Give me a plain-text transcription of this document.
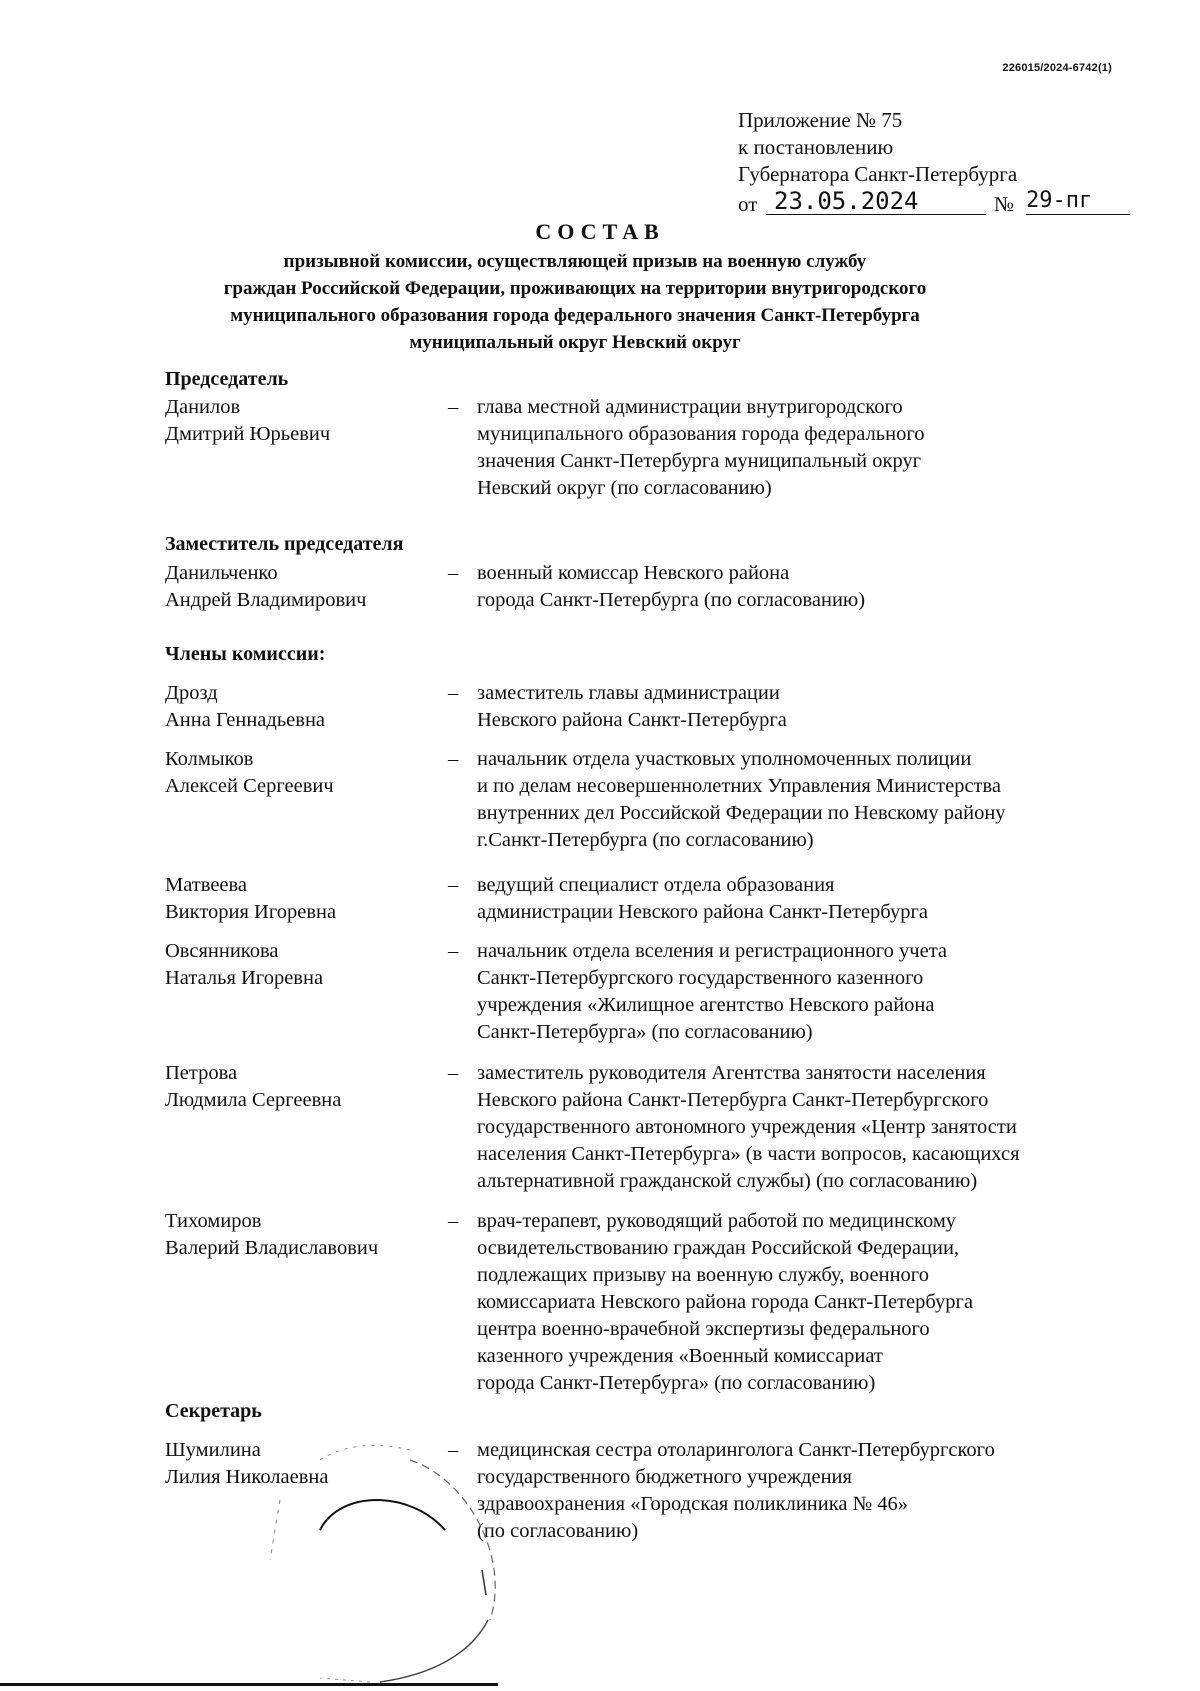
226015/2024-6742(1)
Приложение № 75
к постановлению
Губернатора Санкт-Петербурга
от 23.05.2024	№ 29-пг
СОСТАВ
призывной комиссии, осуществляющей призыв на военную службу
граждан Российской Федерации, проживающих на территории внутригородского
муниципального образования города федерального значения Санкт-Петербурга
муниципальный округ Невский округ
Председатель
Данилов
Дмитрий Юрьевич
– глава местной администрации внутригородского
муниципального образования города федерального
значения Санкт-Петербурга муниципальный округ
Невский округ (по согласованию)
Заместитель председателя
Данильченко
Андрей Владимирович
– военный комиссар Невского района
города Санкт-Петербурга (по согласованию)
Члены комиссии:
Дрозд
Анна Геннадьевна
– заместитель главы администрации
Невского района Санкт-Петербурга
Колмыков
Алексей Сергеевич
– начальник отдела участковых уполномоченных полиции
и по делам несовершеннолетних Управления Министерства
внутренних дел Российской Федерации по Невскому району
г.Санкт-Петербурга (по согласованию)
Матвеева
Виктория Игоревна
– ведущий специалист отдела образования
администрации Невского района Санкт-Петербурга
Овсянникова
Наталья Игоревна
– начальник отдела вселения и регистрационного учета
Санкт-Петербургского государственного казенного
учреждения «Жилищное агентство Невского района
Санкт-Петербурга» (по согласованию)
Петрова
Людмила Сергеевна
– заместитель руководителя Агентства занятости населения
Невского района Санкт-Петербурга Санкт-Петербургского
государственного автономного учреждения «Центр занятости
населения Санкт-Петербурга» (в части вопросов, касающихся
альтернативной гражданской службы) (по согласованию)
Тихомиров
Валерий Владиславович
– врач-терапевт, руководящий работой по медицинскому
освидетельствованию граждан Российской Федерации,
подлежащих призыву на военную службу, военного
комиссариата Невского района города Санкт-Петербурга
центра военно-врачебной экспертизы федерального
казенного учреждения «Военный комиссариат
города Санкт-Петербурга» (по согласованию)
Секретарь
Шумилина
Лилия Николаевна
– медицинская сестра отоларинголога Санкт-Петербургского
государственного бюджетного учреждения
здравоохранения «Городская поликлиника № 46»
(по согласованию)
